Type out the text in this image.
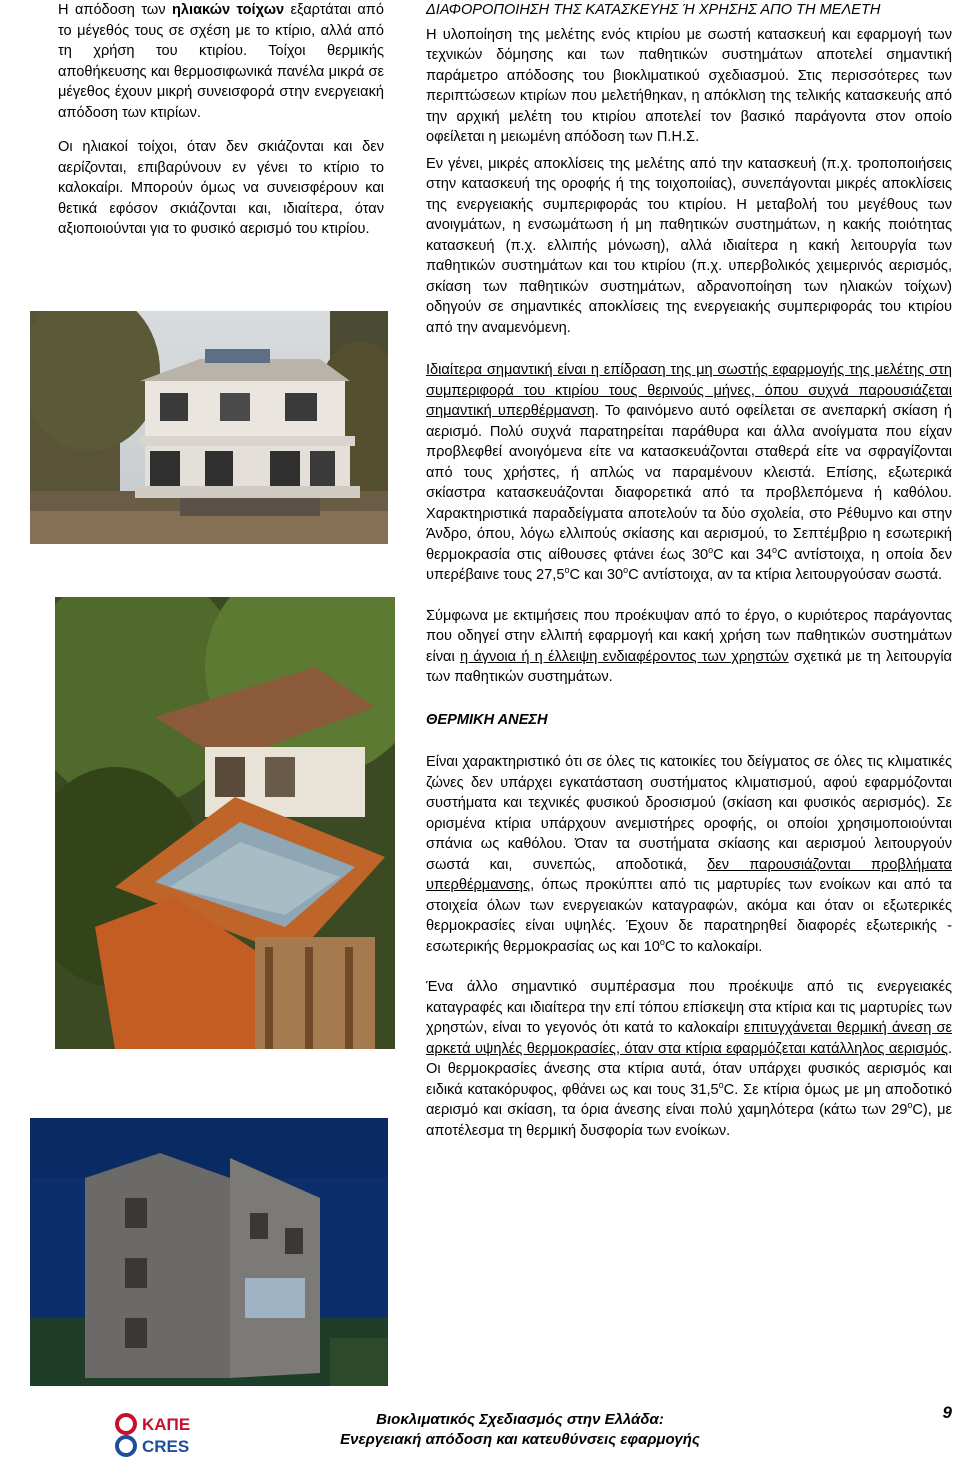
Η απόδοση των ηλιακών τοίχων εξαρτάται από το μέγεθός τους σε σχέση με το κτίριο, αλλά από τη χρήση του κτιρίου. Τοίχοι θερμικής αποθήκευσης και θερμοσιφωνικά πανέλα μικρά σε μέγεθος έχουν μικρή συνεισφορά στην ενεργειακή απόδοση των κτιρίων.

Οι ηλιακοί τοίχοι, όταν δεν σκιάζονται και δεν αερίζονται, επιβαρύνουν εν γένει το κτίριο το καλοκαίρι. Μπορούν όμως να συνεισφέρουν και θετικά εφόσον σκιάζονται και, ιδιαίτερα, όταν αξιοποιούνται για το φυσικό αερισμό του κτιρίου.

ΔΙΑΦΟΡΟΠΟΙΗΣΗ ΤΗΣ ΚΑΤΑΣΚΕΥΗΣ Ή ΧΡΗΣΗΣ ΑΠΟ ΤΗ ΜΕΛΕΤΗ

Η υλοποίηση της μελέτης ενός κτιρίου με σωστή κατασκευή και εφαρμογή των τεχνικών δόμησης και των παθητικών συστημάτων αποτελεί σημαντική παράμετρο απόδοσης του βιοκλιματικού σχεδιασμού. Στις περισσότερες των περιπτώσεων κτιρίων που μελετήθηκαν, η απόκλιση της τελικής κατασκευής από την αρχική μελέτη του κτιρίου αποτελεί τον βασικό παράγοντα στον οποίο οφείλεται η μειωμένη απόδοση των Π.Η.Σ.

Εν γένει, μικρές αποκλίσεις της μελέτης από την κατασκευή (π.χ. τροποποιήσεις στην κατασκευή της οροφής ή της τοιχοποιίας), συνεπάγονται μικρές αποκλίσεις της ενεργειακής συμπεριφοράς του κτιρίου. Η μεταβολή του μεγέθους των ανοιγμάτων, η ενσωμάτωση ή μη παθητικών συστημάτων, η κακής ποιότητας κατασκευή (π.χ. ελλιπής μόνωση), αλλά ιδιαίτερα η κακή λειτουργία των παθητικών συστημάτων και του κτιρίου (π.χ. υπερβολικός χειμερινός αερισμός, σκίαση των παθητικών συστημάτων, αδρανοποίηση των ηλιακών τοίχων) οδηγούν σε σημαντικές αποκλίσεις της ενεργειακής συμπεριφοράς του κτιρίου από την αναμενόμενη.

Ιδιαίτερα σημαντική είναι η επίδραση της μη σωστής εφαρμογής της μελέτης στη συμπεριφορά του κτιρίου τους θερινούς μήνες, όπου συχνά παρουσιάζεται σημαντική υπερθέρμανση. Το φαινόμενο αυτό οφείλεται σε ανεπαρκή σκίαση ή αερισμό. Πολύ συχνά παρατηρείται παράθυρα και άλλα ανοίγματα που είχαν προβλεφθεί ανοιγόμενα είτε να κατασκευάζονται σταθερά είτε να σφραγίζονται από τους χρήστες, ή απλώς να παραμένουν κλειστά. Επίσης, εξωτερικά σκίαστρα κατασκευάζονται διαφορετικά από τα προβλεπόμενα ή καθόλου. Χαρακτηριστικά παραδείγματα αποτελούν τα δύο σχολεία, στο Ρέθυμνο και στην Άνδρο, όπου, λόγω ελλιπούς σκίασης και αερισμού, το Σεπτέμβριο η εσωτερική θερμοκρασία στις αίθουσες φτάνει έως $30^oC$ και $34^oC$ αντίστοιχα, η οποία δεν υπερέβαινε τους $27,5^oC$ και $30^oC$ αντίστοιχα, αν τα κτίρια λειτουργούσαν σωστά.

Σύμφωνα με εκτιμήσεις που προέκυψαν από το έργο, ο κυριότερος παράγοντας που οδηγεί στην ελλιπή εφαρμογή και κακή χρήση των παθητικών συστημάτων είναι η άγνοια ή η έλλειψη ενδιαφέροντος των χρηστών σχετικά με τη λειτουργία των παθητικών συστημάτων.

ΘΕΡΜΙΚΗ ΑΝΕΣΗ

Είναι χαρακτηριστικό ότι σε όλες τις κατοικίες του δείγματος σε όλες τις κλιματικές ζώνες δεν υπάρχει εγκατάσταση συστήματος κλιματισμού, αφού εφαρμόζονται συστήματα και τεχνικές φυσικού δροσισμού (σκίαση και φυσικός αερισμός). Σε ορισμένα κτίρια υπάρχουν ανεμιστήρες οροφής, οι οποίοι χρησιμοποιούνται σπάνια ως καθόλου. Όταν τα συστήματα σκίασης και αερισμού λειτουργούν σωστά και, συνεπώς, αποδοτικά, δεν παρουσιάζονται προβλήματα υπερθέρμανσης, όπως προκύπτει από τις μαρτυρίες των ενοίκων και από τα στοιχεία όλων των ενεργειακών καταγραφών, ακόμα και όταν οι εξωτερικές θερμοκρασίες είναι υψηλές. Έχουν δε παρατηρηθεί διαφορές εξωτερικής - εσωτερικής θερμοκρασίας ως και $10^oC$ το καλοκαίρι.

Ένα άλλο σημαντικό συμπέρασμα που προέκυψε από τις ενεργειακές καταγραφές και ιδιαίτερα την επί τόπου επίσκεψη στα κτίρια και τις μαρτυρίες των χρηστών, είναι το γεγονός ότι κατά το καλοκαίρι επιτυγχάνεται θερμική άνεση σε αρκετά υψηλές θερμοκρασίες, όταν στα κτίρια εφαρμόζεται κατάλληλος αερισμός. Οι θερμοκρασίες άνεσης στα κτίρια αυτά, όταν υπάρχει φυσικός αερισμός και ειδικά κατακόρυφος, φθάνει ως και τους $31,5^oC$. Σε κτίρια όμως με μη αποδοτικό αερισμό και σκίαση, τα όρια άνεσης είναι πολύ χαμηλότερα (κάτω των $29^oC$), με αποτέλεσμα τη θερμική δυσφορία των ενοίκων.

ΚΑΠΕ
CRES
Βιοκλιματικός Σχεδιασμός στην Ελλάδα:
Ενεργειακή απόδοση και κατευθύνσεις εφαρμογής
9
